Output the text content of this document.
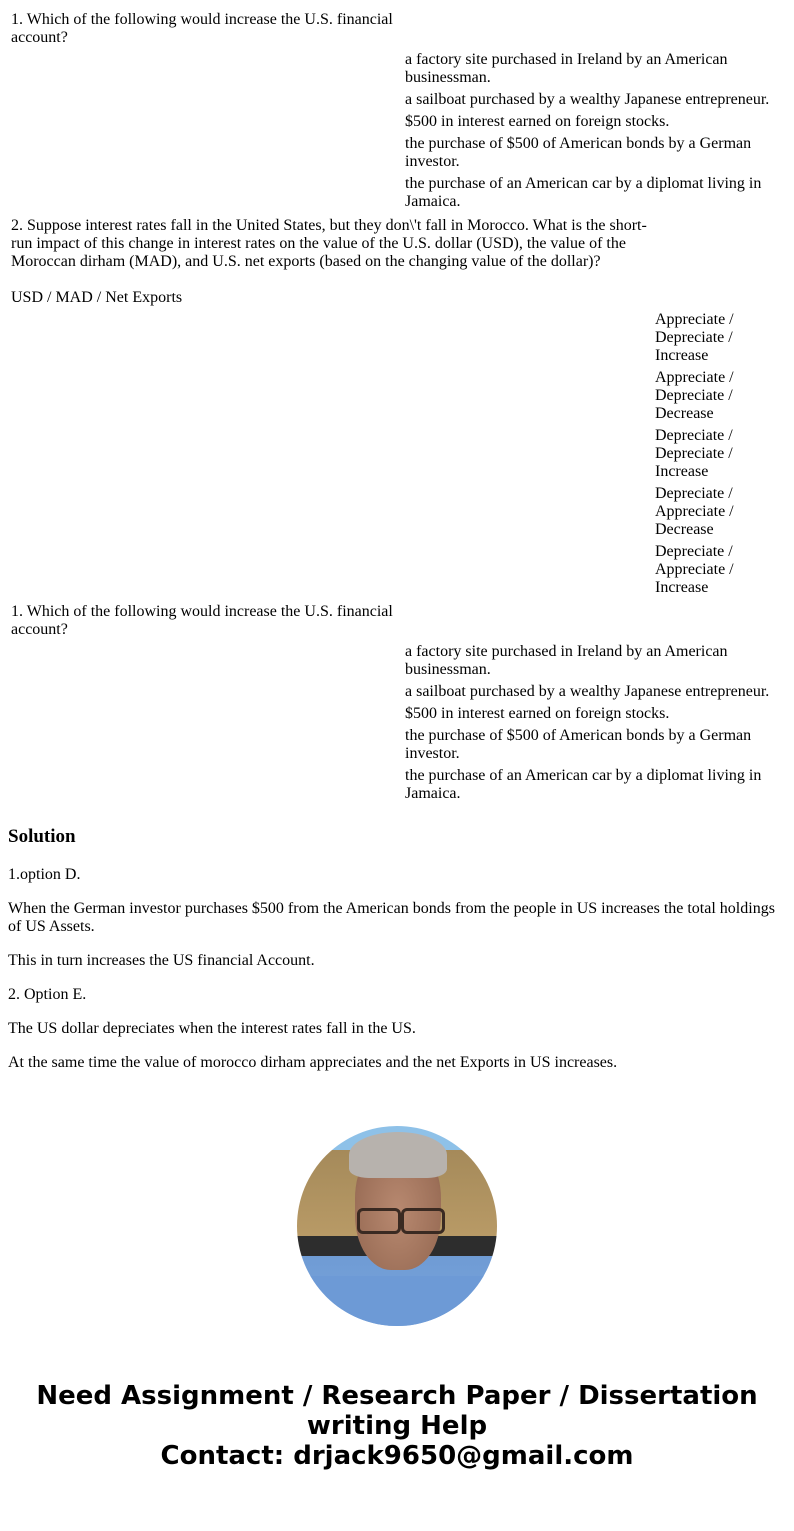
1. Which of the following would increase the U.S. financial account?	
	a factory site purchased in Ireland by an American businessman.
	a sailboat purchased by a wealthy Japanese entrepreneur.
	$500 in interest earned on foreign stocks.
	the purchase of $500 of American bonds by a German investor.
	the purchase of an American car by a diplomat living in Jamaica.
2. Suppose interest rates fall in the United States, but they don\'t fall in Morocco. What is the short-run impact of this change in interest rates on the value of the U.S. dollar (USD), the value of the Moroccan dirham (MAD), and U.S. net exports (based on the changing value of the dollar)?

USD / MAD / Net Exports	
	Appreciate / Depreciate / Increase
	Appreciate / Depreciate / Decrease
	Depreciate / Depreciate / Increase
	Depreciate / Appreciate / Decrease
	Depreciate / Appreciate / Increase
1. Which of the following would increase the U.S. financial account?	
	a factory site purchased in Ireland by an American businessman.
	a sailboat purchased by a wealthy Japanese entrepreneur.
	$500 in interest earned on foreign stocks.
	the purchase of $500 of American bonds by a German investor.
	the purchase of an American car by a diplomat living in Jamaica.
Solution

1.option D.

When the German investor purchases $500 from the American bonds from the people in US increases the total holdings of US Assets.

This in turn increases the US financial Account.

2. Option E.

The US dollar depreciates when the interest rates fall in the US.

At the same time the value of morocco dirham appreciates and the net Exports in US increases.

Need Assignment / Research Paper / Dissertation
writing Help
Contact: drjack9650@gmail.com
